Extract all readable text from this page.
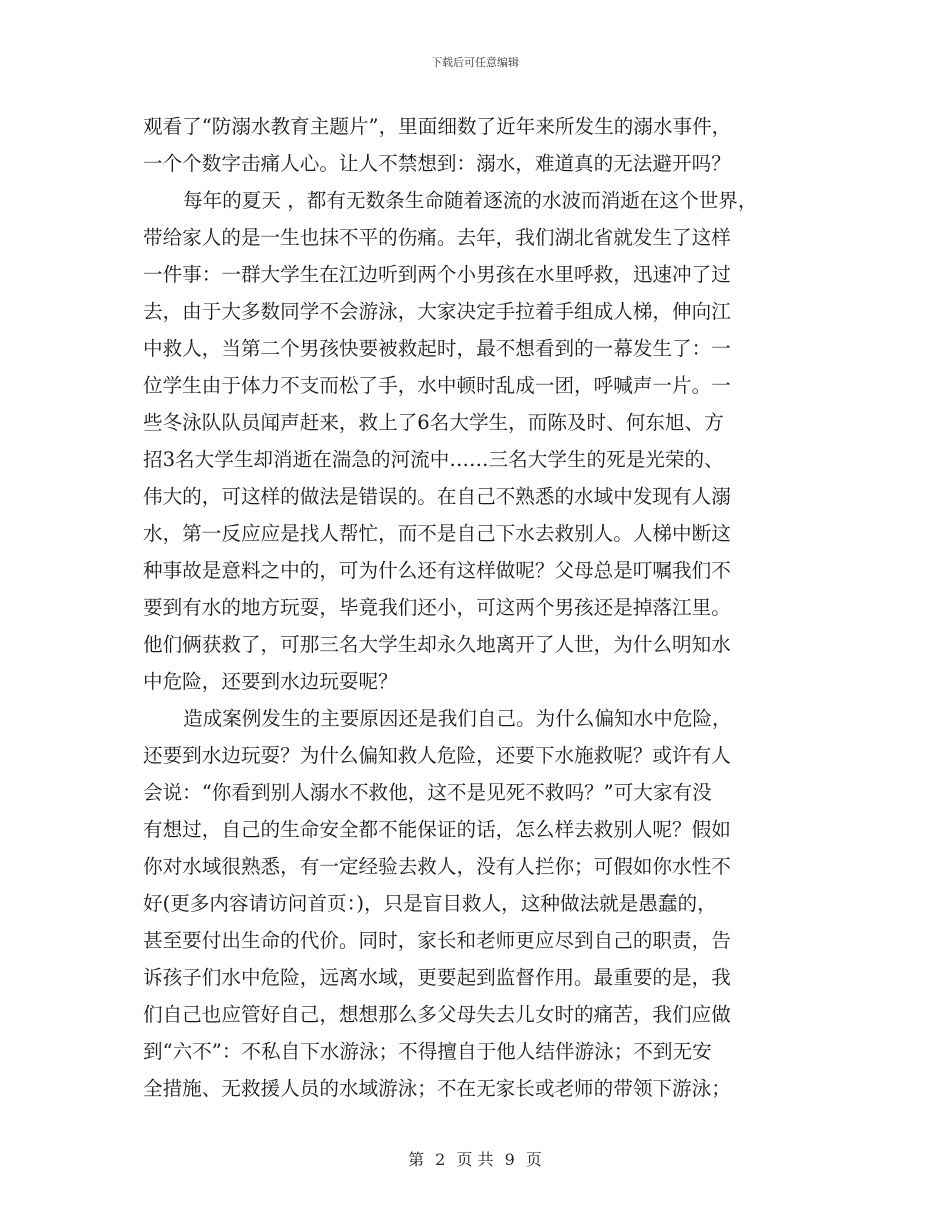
下载后可任意编辑
观看了“防溺水教育主题片”，里面细数了近年来所发生的溺水事件，
一个个数字击痛人心。让人不禁想到：溺水，难道真的无法避开吗？
每年的夏天 ，都有无数条生命随着逐流的水波而消逝在这个世界，
带给家人的是一生也抹不平的伤痛。去年，我们湖北省就发生了这样
一件事：一群大学生在江边听到两个小男孩在水里呼救，迅速冲了过
去，由于大多数同学不会游泳，大家决定手拉着手组成人梯，伸向江
中救人，当第二个男孩快要被救起时，最不想看到的一幕发生了：一
位学生由于体力不支而松了手，水中顿时乱成一团，呼喊声一片。一
些冬泳队队员闻声赶来，救上了6名大学生，而陈及时、何东旭、方
招3名大学生却消逝在湍急的河流中……三名大学生的死是光荣的、
伟大的，可这样的做法是错误的。在自己不熟悉的水域中发现有人溺
水，第一反应应是找人帮忙，而不是自己下水去救别人。人梯中断这
种事故是意料之中的，可为什么还有这样做呢？父母总是叮嘱我们不
要到有水的地方玩耍，毕竟我们还小，可这两个男孩还是掉落江里。
他们俩获救了，可那三名大学生却永久地离开了人世，为什么明知水
中危险，还要到水边玩耍呢？
造成案例发生的主要原因还是我们自己。为什么偏知水中危险，
还要到水边玩耍？为什么偏知救人危险，还要下水施救呢？或许有人
会说：“你看到别人溺水不救他，这不是见死不救吗？”可大家有没
有想过，自己的生命安全都不能保证的话，怎么样去救别人呢？假如
你对水域很熟悉，有一定经验去救人，没有人拦你；可假如你水性不
好(更多内容请访问首页：)，只是盲目救人，这种做法就是愚蠢的，
甚至要付出生命的代价。同时，家长和老师更应尽到自己的职责，告
诉孩子们水中危险，远离水域，更要起到监督作用。最重要的是，我
们自己也应管好自己，想想那么多父母失去儿女时的痛苦，我们应做
到“六不”：不私自下水游泳；不得擅自于他人结伴游泳；不到无安
全措施、无救援人员的水域游泳；不在无家长或老师的带领下游泳；
第 2 页 共 9 页
